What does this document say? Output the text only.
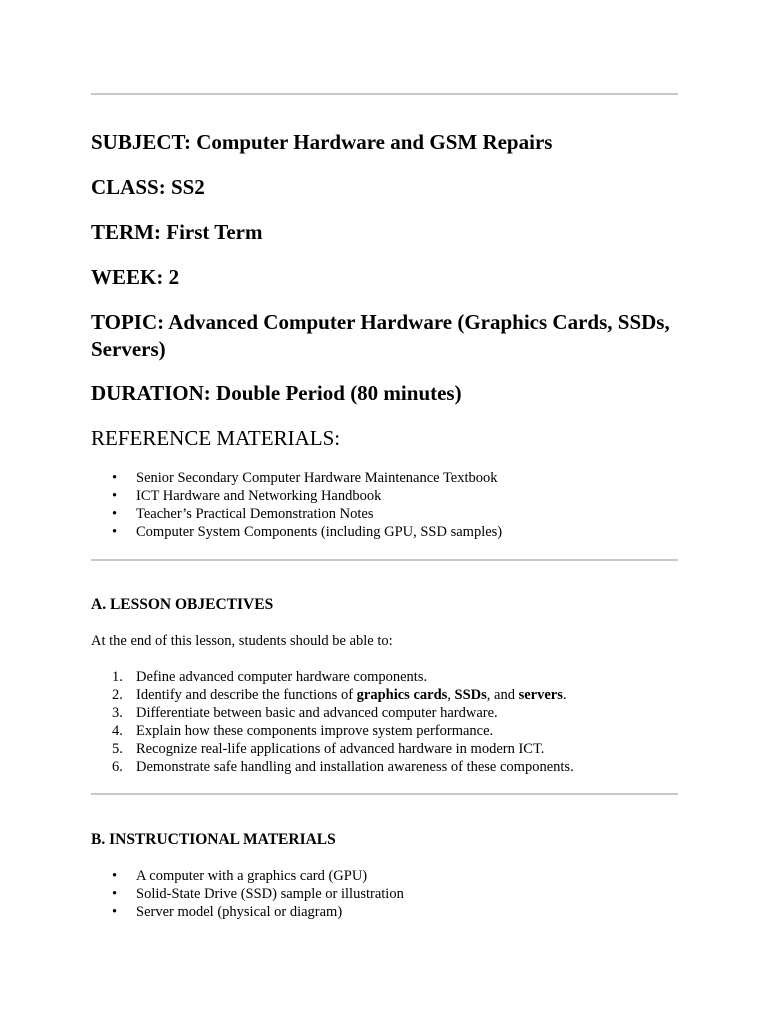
SUBJECT: Computer Hardware and GSM Repairs

CLASS: SS2

TERM: First Term

WEEK: 2

TOPIC: Advanced Computer Hardware (Graphics Cards, SSDs, Servers)

DURATION: Double Period (80 minutes)

REFERENCE MATERIALS:

• Senior Secondary Computer Hardware Maintenance Textbook
• ICT Hardware and Networking Handbook
• Teacher’s Practical Demonstration Notes
• Computer System Components (including GPU, SSD samples)

A. LESSON OBJECTIVES

At the end of this lesson, students should be able to:

1. Define advanced computer hardware components.
2. Identify and describe the functions of graphics cards, SSDs, and servers.
3. Differentiate between basic and advanced computer hardware.
4. Explain how these components improve system performance.
5. Recognize real-life applications of advanced hardware in modern ICT.
6. Demonstrate safe handling and installation awareness of these components.

B. INSTRUCTIONAL MATERIALS

• A computer with a graphics card (GPU)
• Solid-State Drive (SSD) sample or illustration
• Server model (physical or diagram)
